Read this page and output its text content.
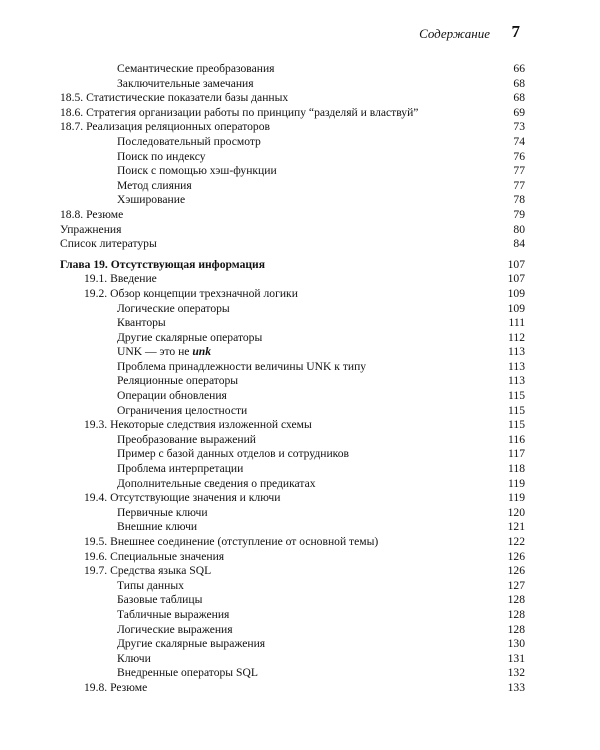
Содержание 7
Семантические преобразования	66
Заключительные замечания	68
18.5. Статистические показатели базы данных	68
18.6. Стратегия организации работы по принципу “разделяй и властвуй”	69
18.7. Реализация реляционных операторов	73
Последовательный просмотр	74
Поиск по индексу	76
Поиск с помощью хэш-функции	77
Метод слияния	77
Хэширование	78
18.8. Резюме	79
Упражнения	80
Список литературы	84
Глава 19. Отсутствующая информация	107
19.1. Введение	107
19.2. Обзор концепции трехзначной логики	109
Логические операторы	109
Кванторы	111
Другие скалярные операторы	112
UNK — это не unk	113
Проблема принадлежности величины UNK к типу	113
Реляционные операторы	113
Операции обновления	115
Ограничения целостности	115
19.3. Некоторые следствия изложенной схемы	115
Преобразование выражений	116
Пример с базой данных отделов и сотрудников	117
Проблема интерпретации	118
Дополнительные сведения о предикатах	119
19.4. Отсутствующие значения и ключи	119
Первичные ключи	120
Внешние ключи	121
19.5. Внешнее соединение (отступление от основной темы)	122
19.6. Специальные значения	126
19.7. Средства языка SQL	126
Типы данных	127
Базовые таблицы	128
Табличные выражения	128
Логические выражения	128
Другие скалярные выражения	130
Ключи	131
Внедренные операторы SQL	132
19.8. Резюме	133
